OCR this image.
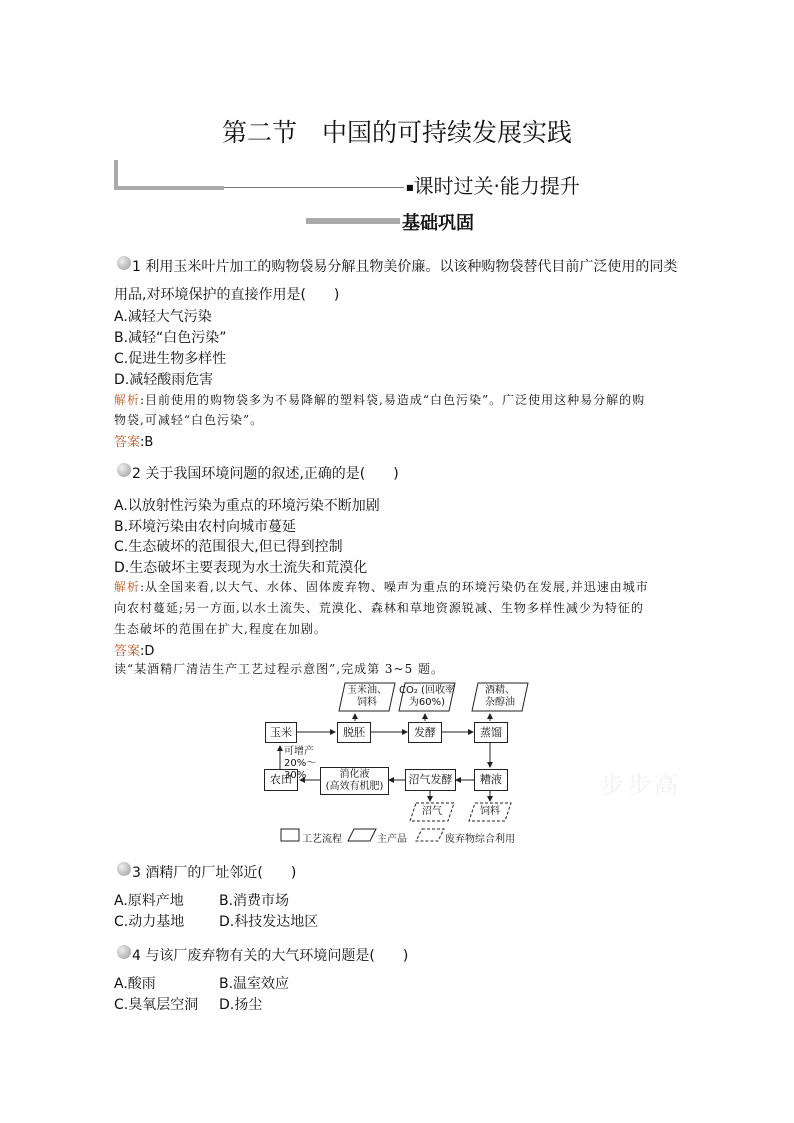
第二节　中国的可持续发展实践
■课时过关·能力提升
基础巩固
1 利用玉米叶片加工的购物袋易分解且物美价廉。以该种购物袋替代目前广泛使用的同类
用品,对环境保护的直接作用是(　　)
A.减轻大气污染
B.减轻“白色污染”
C.促进生物多样性
D.减轻酸雨危害
解析:目前使用的购物袋多为不易降解的塑料袋,易造成“白色污染”。广泛使用这种易分解的购
物袋,可减轻“白色污染”。
答案:B
2 关于我国环境问题的叙述,正确的是(　　)
A.以放射性污染为重点的环境污染不断加剧
B.环境污染由农村向城市蔓延
C.生态破坏的范围很大,但已得到控制
D.生态破坏主要表现为水土流失和荒漠化
解析:从全国来看,以大气、水体、固体废弃物、噪声为重点的环境污染仍在发展,并迅速由城市
向农村蔓延;另一方面,以水土流失、荒漠化、森林和草地资源锐减、生物多样性减少为特征的
生态破坏的范围在扩大,程度在加剧。
答案:D
读“某酒精厂清洁生产工艺过程示意图”,完成第 3~5 题。
玉米	脱胚	发酵	蒸馏
糟液
沼气发酵
消化液
(高效有机肥)
农田
玉米油、
饲料
CO₂ (回收率
为60%)
酒精、
杂醇油
沼气	饲料
可增产
20%～30%
工艺流程	主产品	废弃物综合利用
步步高
3 酒精厂的厂址邻近(　　)
A.原料产地	B.消费市场
C.动力基地 D.科技发达地区
4 与该厂废弃物有关的大气环境问题是(　　)
A.酸雨	B.温室效应
C.臭氧层空洞 D.扬尘
